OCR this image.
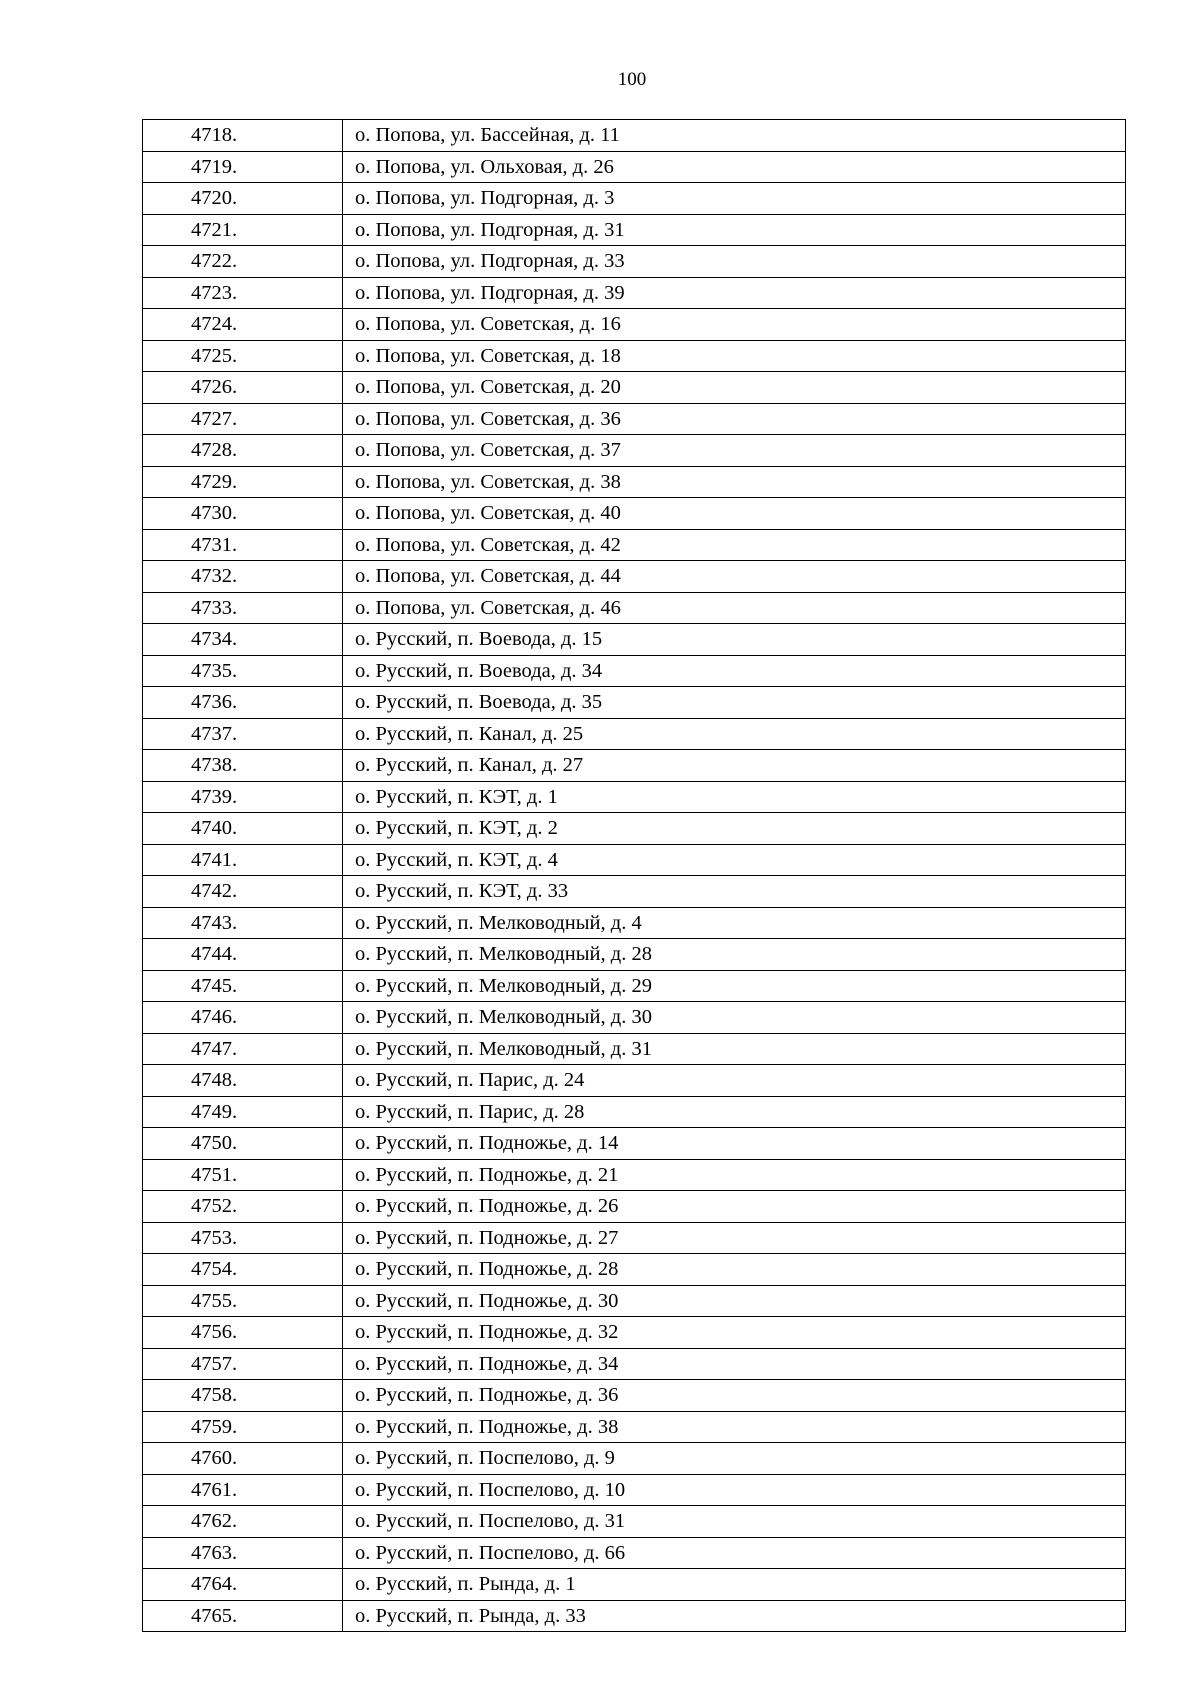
100
4718.	о. Попова, ул. Бассейная, д. 11
4719.	о. Попова, ул. Ольховая, д. 26
4720.	о. Попова, ул. Подгорная, д. 3
4721.	о. Попова, ул. Подгорная, д. 31
4722.	о. Попова, ул. Подгорная, д. 33
4723.	о. Попова, ул. Подгорная, д. 39
4724.	о. Попова, ул. Советская, д. 16
4725.	о. Попова, ул. Советская, д. 18
4726.	о. Попова, ул. Советская, д. 20
4727.	о. Попова, ул. Советская, д. 36
4728.	о. Попова, ул. Советская, д. 37
4729.	о. Попова, ул. Советская, д. 38
4730.	о. Попова, ул. Советская, д. 40
4731.	о. Попова, ул. Советская, д. 42
4732.	о. Попова, ул. Советская, д. 44
4733.	о. Попова, ул. Советская, д. 46
4734.	о. Русский, п. Воевода, д. 15
4735.	о. Русский, п. Воевода, д. 34
4736.	о. Русский, п. Воевода, д. 35
4737.	о. Русский, п. Канал, д. 25
4738.	о. Русский, п. Канал, д. 27
4739.	о. Русский, п. КЭТ, д. 1
4740.	о. Русский, п. КЭТ, д. 2
4741.	о. Русский, п. КЭТ, д. 4
4742.	о. Русский, п. КЭТ, д. 33
4743.	о. Русский, п. Мелководный, д. 4
4744.	о. Русский, п. Мелководный, д. 28
4745.	о. Русский, п. Мелководный, д. 29
4746.	о. Русский, п. Мелководный, д. 30
4747.	о. Русский, п. Мелководный, д. 31
4748.	о. Русский, п. Парис, д. 24
4749.	о. Русский, п. Парис, д. 28
4750.	о. Русский, п. Подножье, д. 14
4751.	о. Русский, п. Подножье, д. 21
4752.	о. Русский, п. Подножье, д. 26
4753.	о. Русский, п. Подножье, д. 27
4754.	о. Русский, п. Подножье, д. 28
4755.	о. Русский, п. Подножье, д. 30
4756.	о. Русский, п. Подножье, д. 32
4757.	о. Русский, п. Подножье, д. 34
4758.	о. Русский, п. Подножье, д. 36
4759.	о. Русский, п. Подножье, д. 38
4760.	о. Русский, п. Поспелово, д. 9
4761.	о. Русский, п. Поспелово, д. 10
4762.	о. Русский, п. Поспелово, д. 31
4763.	о. Русский, п. Поспелово, д. 66
4764.	о. Русский, п. Рында, д. 1
4765.	о. Русский, п. Рында, д. 33
